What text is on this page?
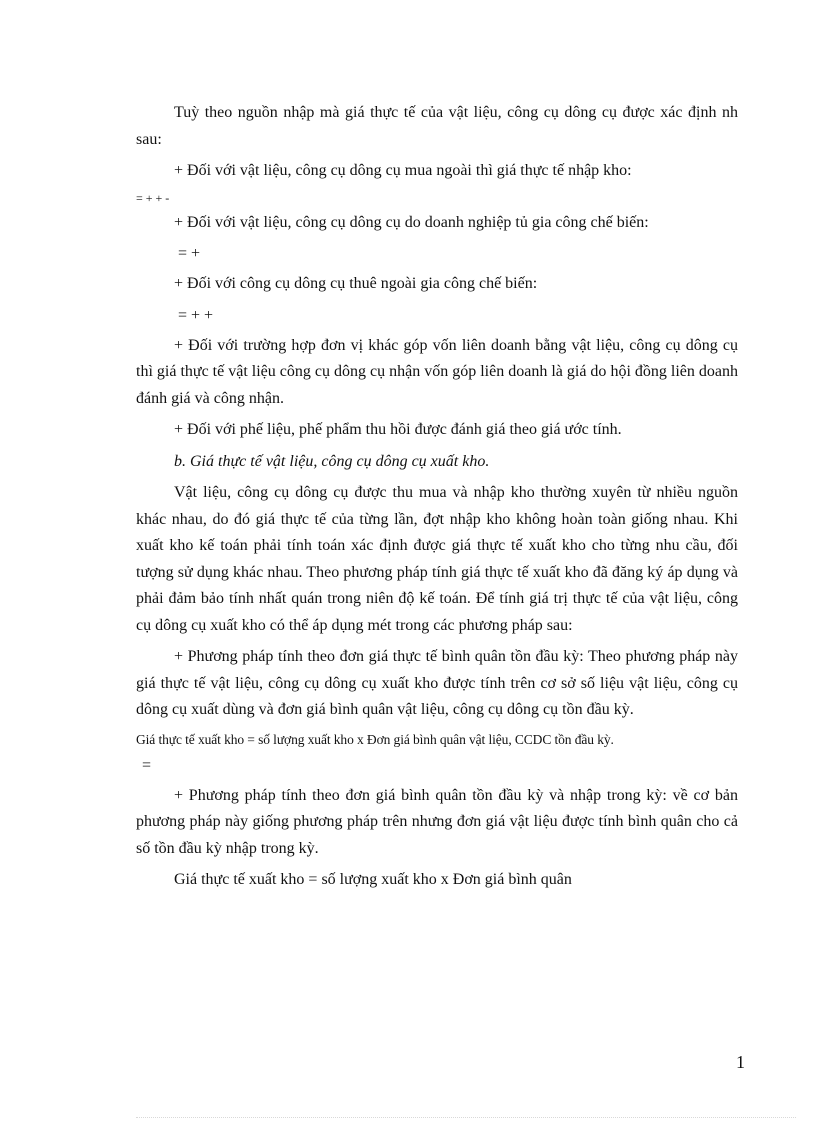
Tuỳ theo nguồn nhập mà giá thực tế của vật liệu, công cụ dông cụ được xác định nh sau:

+ Đối với vật liệu, công cụ dông cụ mua ngoài thì giá thực tế nhập kho:

= + + -

+ Đối với vật liệu, công cụ dông cụ do doanh nghiệp tủ gia công chế biến:

= +

+ Đối với công cụ dông cụ thuê ngoài gia công chế biến:

= + +

+ Đối với trường hợp đơn vị khác góp vốn liên doanh bằng vật liệu, công cụ dông cụ thì giá thực tế vật liệu công cụ dông cụ nhận vốn góp liên doanh là giá do hội đồng liên doanh đánh giá và công nhận.

+ Đối với phế liệu, phế phẩm thu hồi được đánh giá theo giá ước tính.

b. Giá thực tế vật liệu, công cụ dông cụ xuất kho.

Vật liệu, công cụ dông cụ được thu mua và nhập kho thường xuyên từ nhiều nguồn khác nhau, do đó giá thực tế của từng lần, đợt nhập kho không hoàn toàn giống nhau. Khi xuất kho kế toán phải tính toán xác định được giá thực tế xuất kho cho từng nhu cầu, đối tượng sử dụng khác nhau. Theo phương pháp tính giá thực tế xuất kho đã đăng ký áp dụng và phải đảm bảo tính nhất quán trong niên độ kế toán. Để tính giá trị thực tế của vật liệu, công cụ dông cụ xuất kho có thể áp dụng mét trong các phương pháp sau:

+ Phương pháp tính theo đơn giá thực tế bình quân tồn đầu kỳ: Theo phương pháp này giá thực tế vật liệu, công cụ dông cụ xuất kho được tính trên cơ sở số liệu vật liệu, công cụ dông cụ xuất dùng và đơn giá bình quân vật liệu, công cụ dông cụ tồn đầu kỳ.

Giá thực tế xuất kho = số lượng xuất kho x Đơn giá bình quân vật liệu, CCDC tồn đầu kỳ.

=

+ Phương pháp tính theo đơn giá bình quân tồn đầu kỳ và nhập trong kỳ: về cơ bản phương pháp này giống phương pháp trên nhưng đơn giá vật liệu được tính bình quân cho cả số tồn đầu kỳ nhập trong kỳ.

Giá thực tế xuất kho = số lượng xuất kho x Đơn giá bình quân

1
